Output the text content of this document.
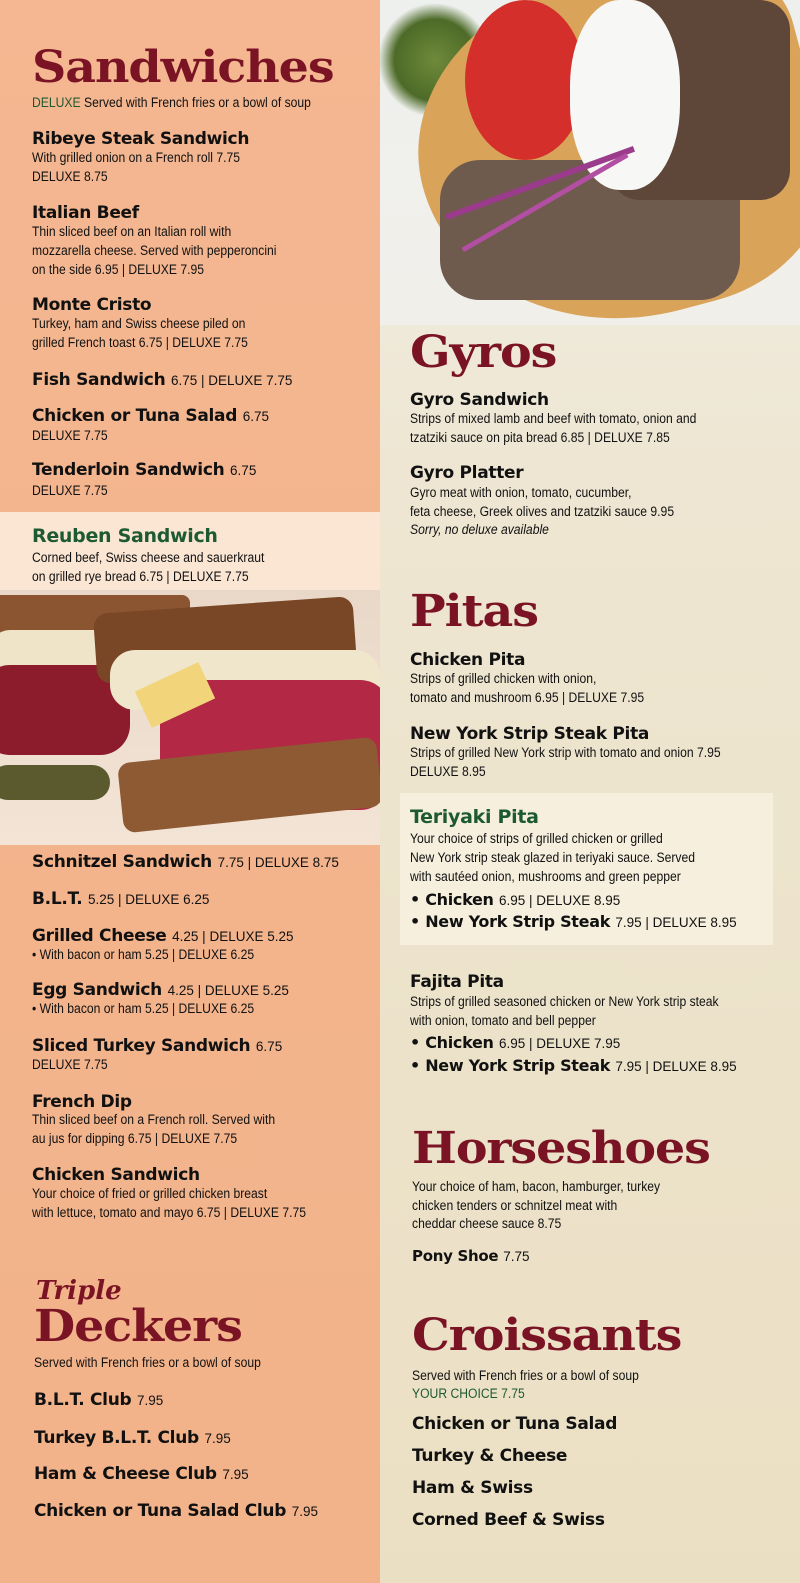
Sandwiches
DELUXE Served with French fries or a bowl of soup
Ribeye Steak Sandwich
With grilled onion on a French roll 7.75
DELUXE 8.75
Italian Beef
Thin sliced beef on an Italian roll with
mozzarella cheese. Served with pepperoncini
on the side 6.95 | DELUXE 7.95
Monte Cristo
Turkey, ham and Swiss cheese piled on
grilled French toast 6.75 | DELUXE 7.75
Fish Sandwich 6.75 | DELUXE 7.75
Chicken or Tuna Salad 6.75
DELUXE 7.75
Tenderloin Sandwich 6.75
DELUXE 7.75
Reuben Sandwich
Corned beef, Swiss cheese and sauerkraut
on grilled rye bread 6.75 | DELUXE 7.75
Schnitzel Sandwich 7.75 | DELUXE 8.75
B.L.T. 5.25 | DELUXE 6.25
Grilled Cheese 4.25 | DELUXE 5.25
• With bacon or ham 5.25 | DELUXE 6.25
Egg Sandwich 4.25 | DELUXE 5.25
• With bacon or ham 5.25 | DELUXE 6.25
Sliced Turkey Sandwich 6.75
DELUXE 7.75
French Dip
Thin sliced beef on a French roll. Served with
au jus for dipping 6.75 | DELUXE 7.75
Chicken Sandwich
Your choice of fried or grilled chicken breast
with lettuce, tomato and mayo 6.75 | DELUXE 7.75
Triple
Deckers
Served with French fries or a bowl of soup
B.L.T. Club 7.95
Turkey B.L.T. Club 7.95
Ham & Cheese Club 7.95
Chicken or Tuna Salad Club 7.95
Gyros
Gyro Sandwich
Strips of mixed lamb and beef with tomato, onion and
tzatziki sauce on pita bread 6.85 | DELUXE 7.85
Gyro Platter
Gyro meat with onion, tomato, cucumber,
feta cheese, Greek olives and tzatziki sauce 9.95
Sorry, no deluxe available
Pitas
Chicken Pita
Strips of grilled chicken with onion,
tomato and mushroom 6.95 | DELUXE 7.95
New York Strip Steak Pita
Strips of grilled New York strip with tomato and onion 7.95
DELUXE 8.95
Teriyaki Pita
Your choice of strips of grilled chicken or grilled
New York strip steak glazed in teriyaki sauce. Served
with sautéed onion, mushrooms and green pepper
• Chicken 6.95 | DELUXE 8.95
• New York Strip Steak 7.95 | DELUXE 8.95
Fajita Pita
Strips of grilled seasoned chicken or New York strip steak
with onion, tomato and bell pepper
• Chicken 6.95 | DELUXE 7.95
• New York Strip Steak 7.95 | DELUXE 8.95
Horseshoes
Your choice of ham, bacon, hamburger, turkey
chicken tenders or schnitzel meat with
cheddar cheese sauce 8.75
Pony Shoe 7.75
Croissants
Served with French fries or a bowl of soup
YOUR CHOICE 7.75
Chicken or Tuna Salad
Turkey & Cheese
Ham & Swiss
Corned Beef & Swiss
